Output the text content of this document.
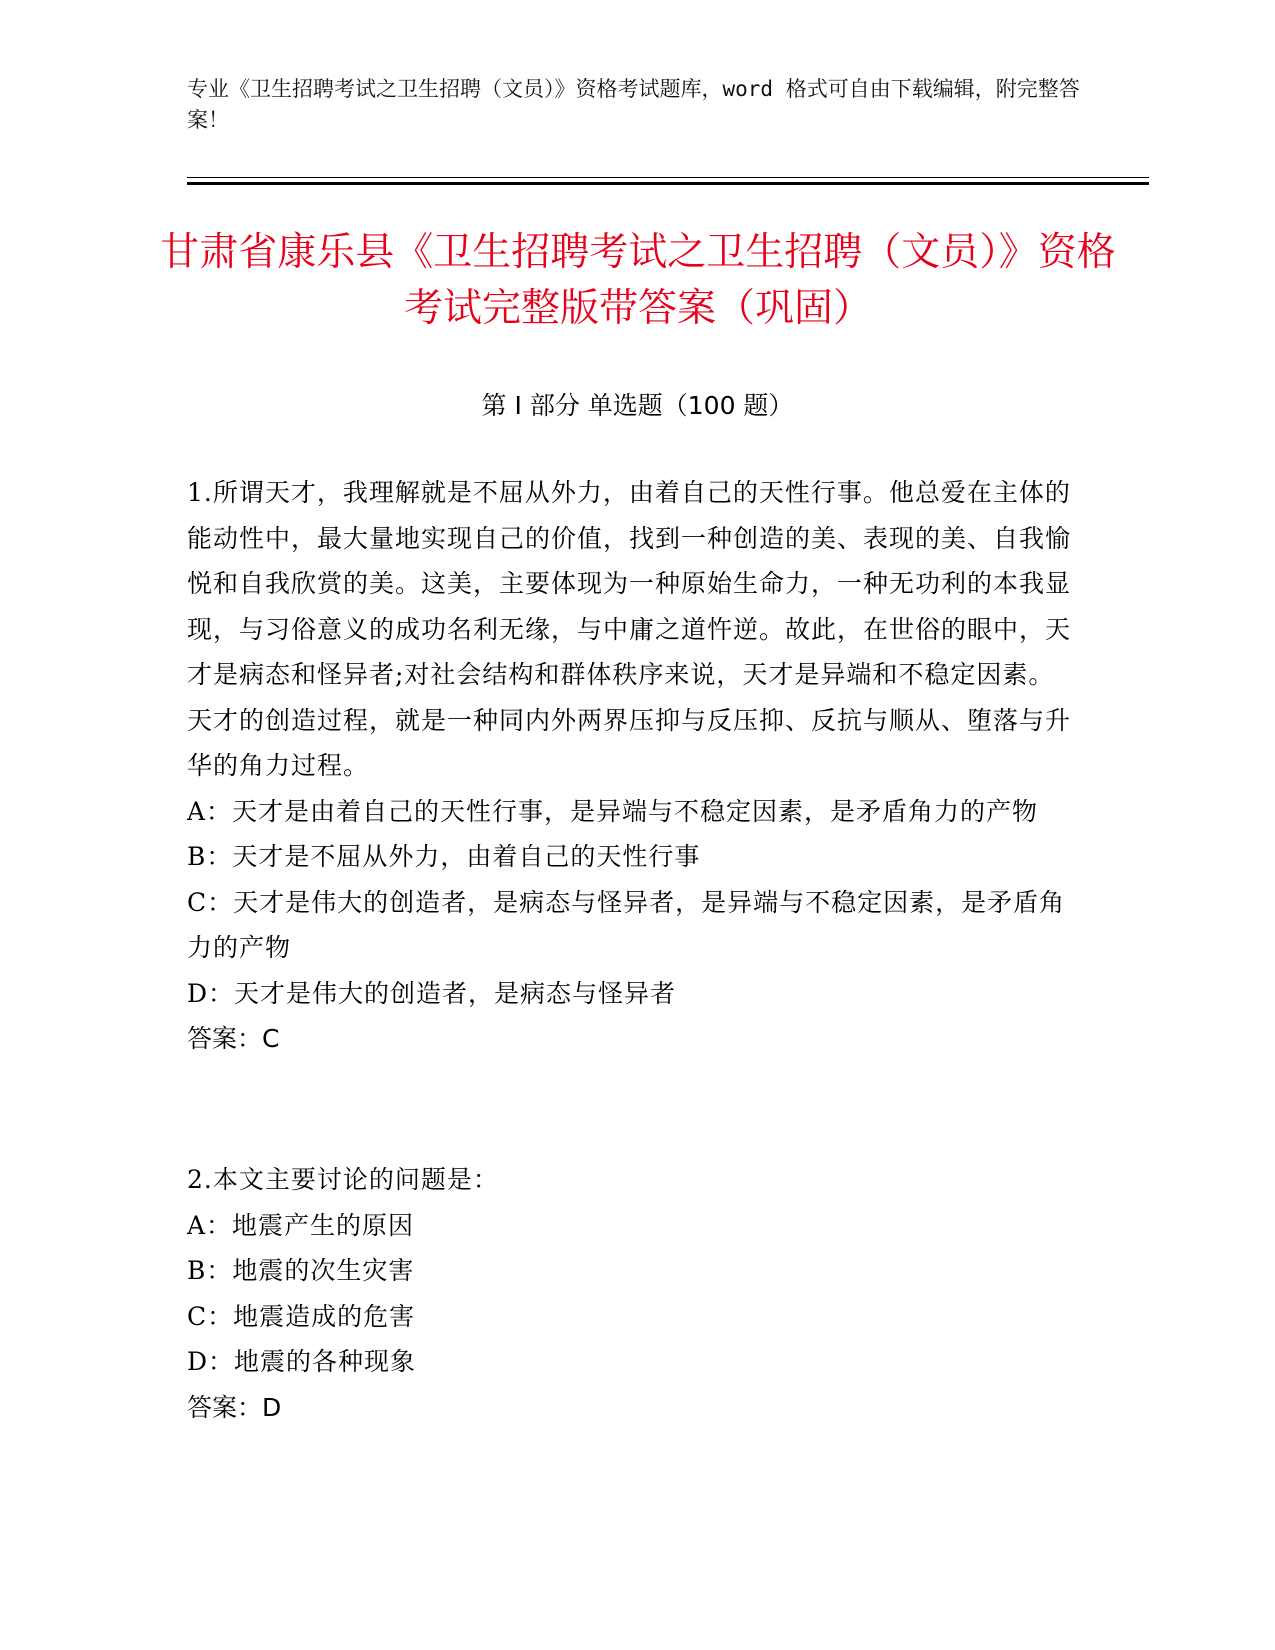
专业《卫生招聘考试之卫生招聘（文员）》资格考试题库，word 格式可自由下载编辑，附完整答案！
甘肃省康乐县《卫生招聘考试之卫生招聘（文员）》资格考试完整版带答案（巩固）
第 I 部分 单选题（100 题）

1.所谓天才，我理解就是不屈从外力，由着自己的天性行事。他总爱在主体的能动性中，最大量地实现自己的价值，找到一种创造的美、表现的美、自我愉悦和自我欣赏的美。这美，主要体现为一种原始生命力，一种无功利的本我显现，与习俗意义的成功名利无缘，与中庸之道忤逆。故此，在世俗的眼中，天才是病态和怪异者;对社会结构和群体秩序来说，天才是异端和不稳定因素。天才的创造过程，就是一种同内外两界压抑与反压抑、反抗与顺从、堕落与升华的角力过程。

A：天才是由着自己的天性行事，是异端与不稳定因素，是矛盾角力的产物

B：天才是不屈从外力，由着自己的天性行事

C：天才是伟大的创造者，是病态与怪异者，是异端与不稳定因素，是矛盾角力的产物

D：天才是伟大的创造者，是病态与怪异者

答案：C

2.本文主要讨论的问题是：

A：地震产生的原因

B：地震的次生灾害

C：地震造成的危害

D：地震的各种现象

答案：D
